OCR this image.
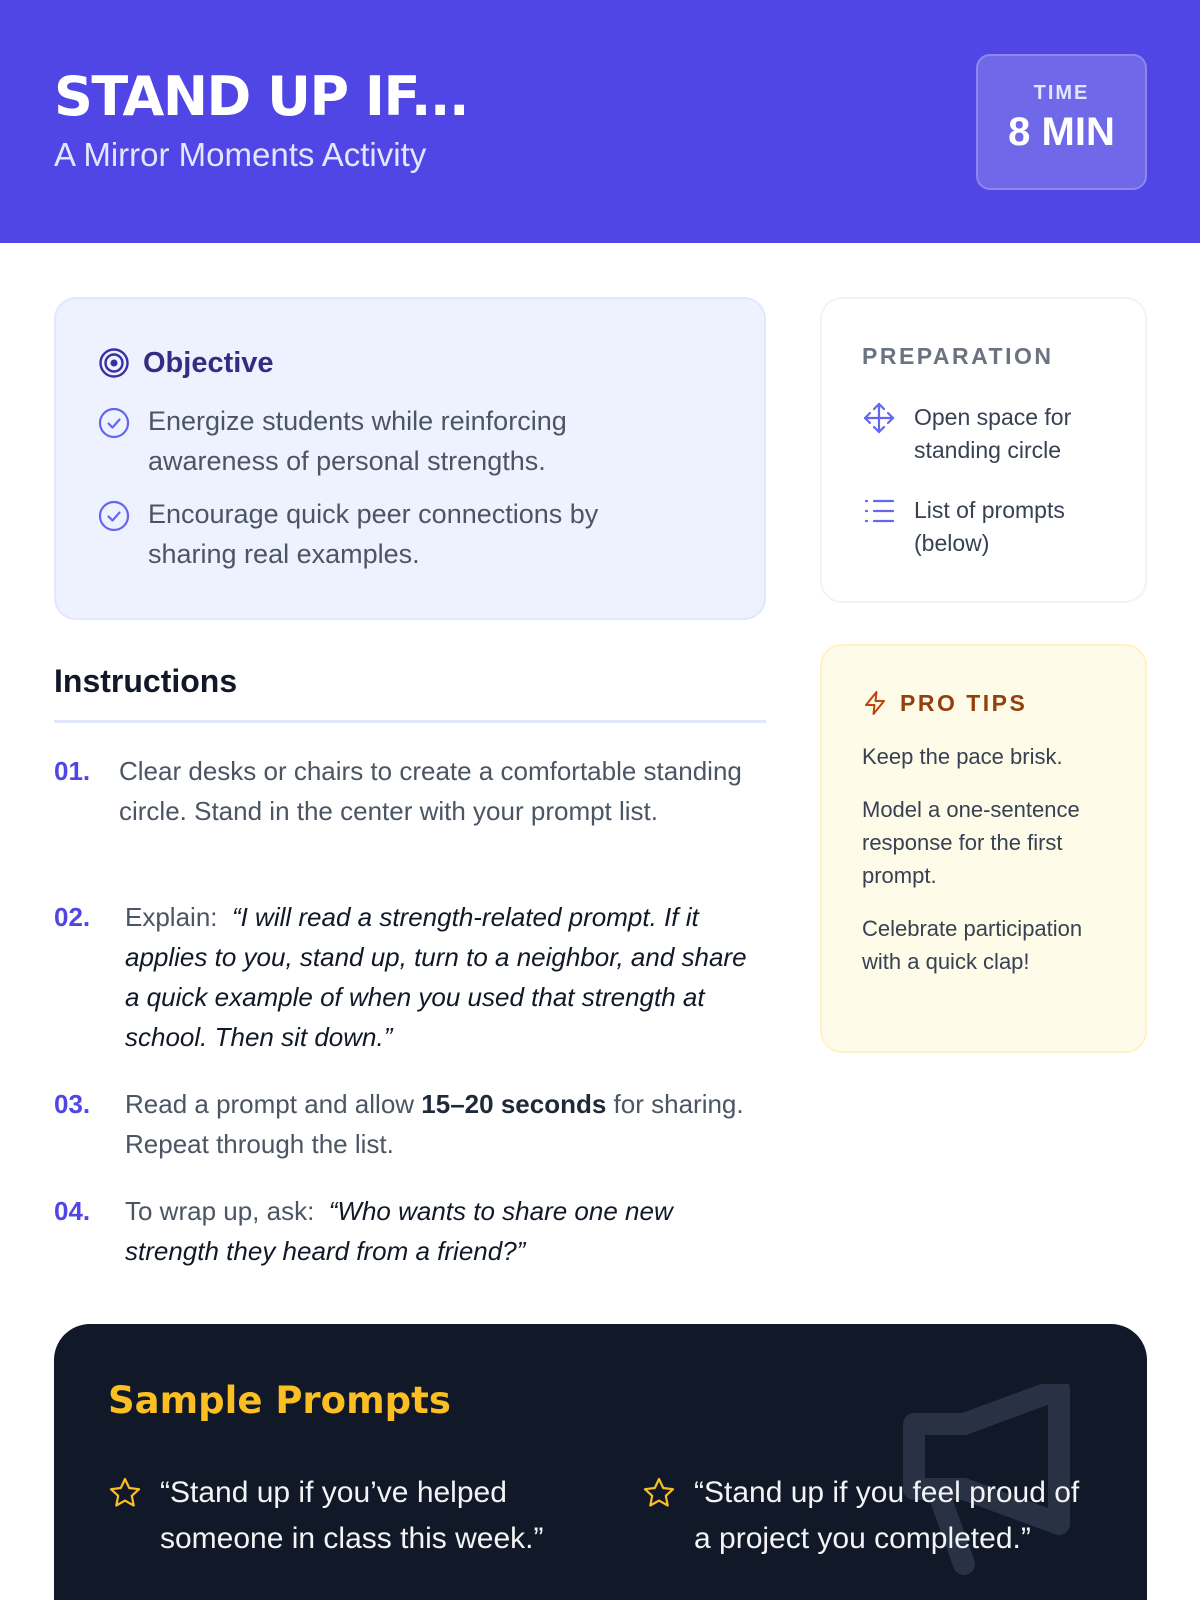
STAND UP IF...
A Mirror Moments Activity
TIME
8 MIN
Objective
Energize students while reinforcing awareness of personal strengths.
Encourage quick peer connections by sharing real examples.
Instructions
01.	Clear desks or chairs to create a comfortable standing circle. Stand in the center with your prompt list.
02.	Explain: “I will read a strength-related prompt. If it applies to you, stand up, turn to a neighbor, and share a quick example of when you used that strength at school. Then sit down.”
03.	Read a prompt and allow 15–20 seconds for sharing. Repeat through the list.
04.	To wrap up, ask: “Who wants to share one new strength they heard from a friend?”
PREPARATION
Open space for standing circle
List of prompts (below)
PRO TIPS
Keep the pace brisk.
Model a one-sentence response for the first prompt.
Celebrate participation with a quick clap!
Sample Prompts
“Stand up if you’ve helped someone in class this week.”
“Stand up if you feel proud of a project you completed.”
